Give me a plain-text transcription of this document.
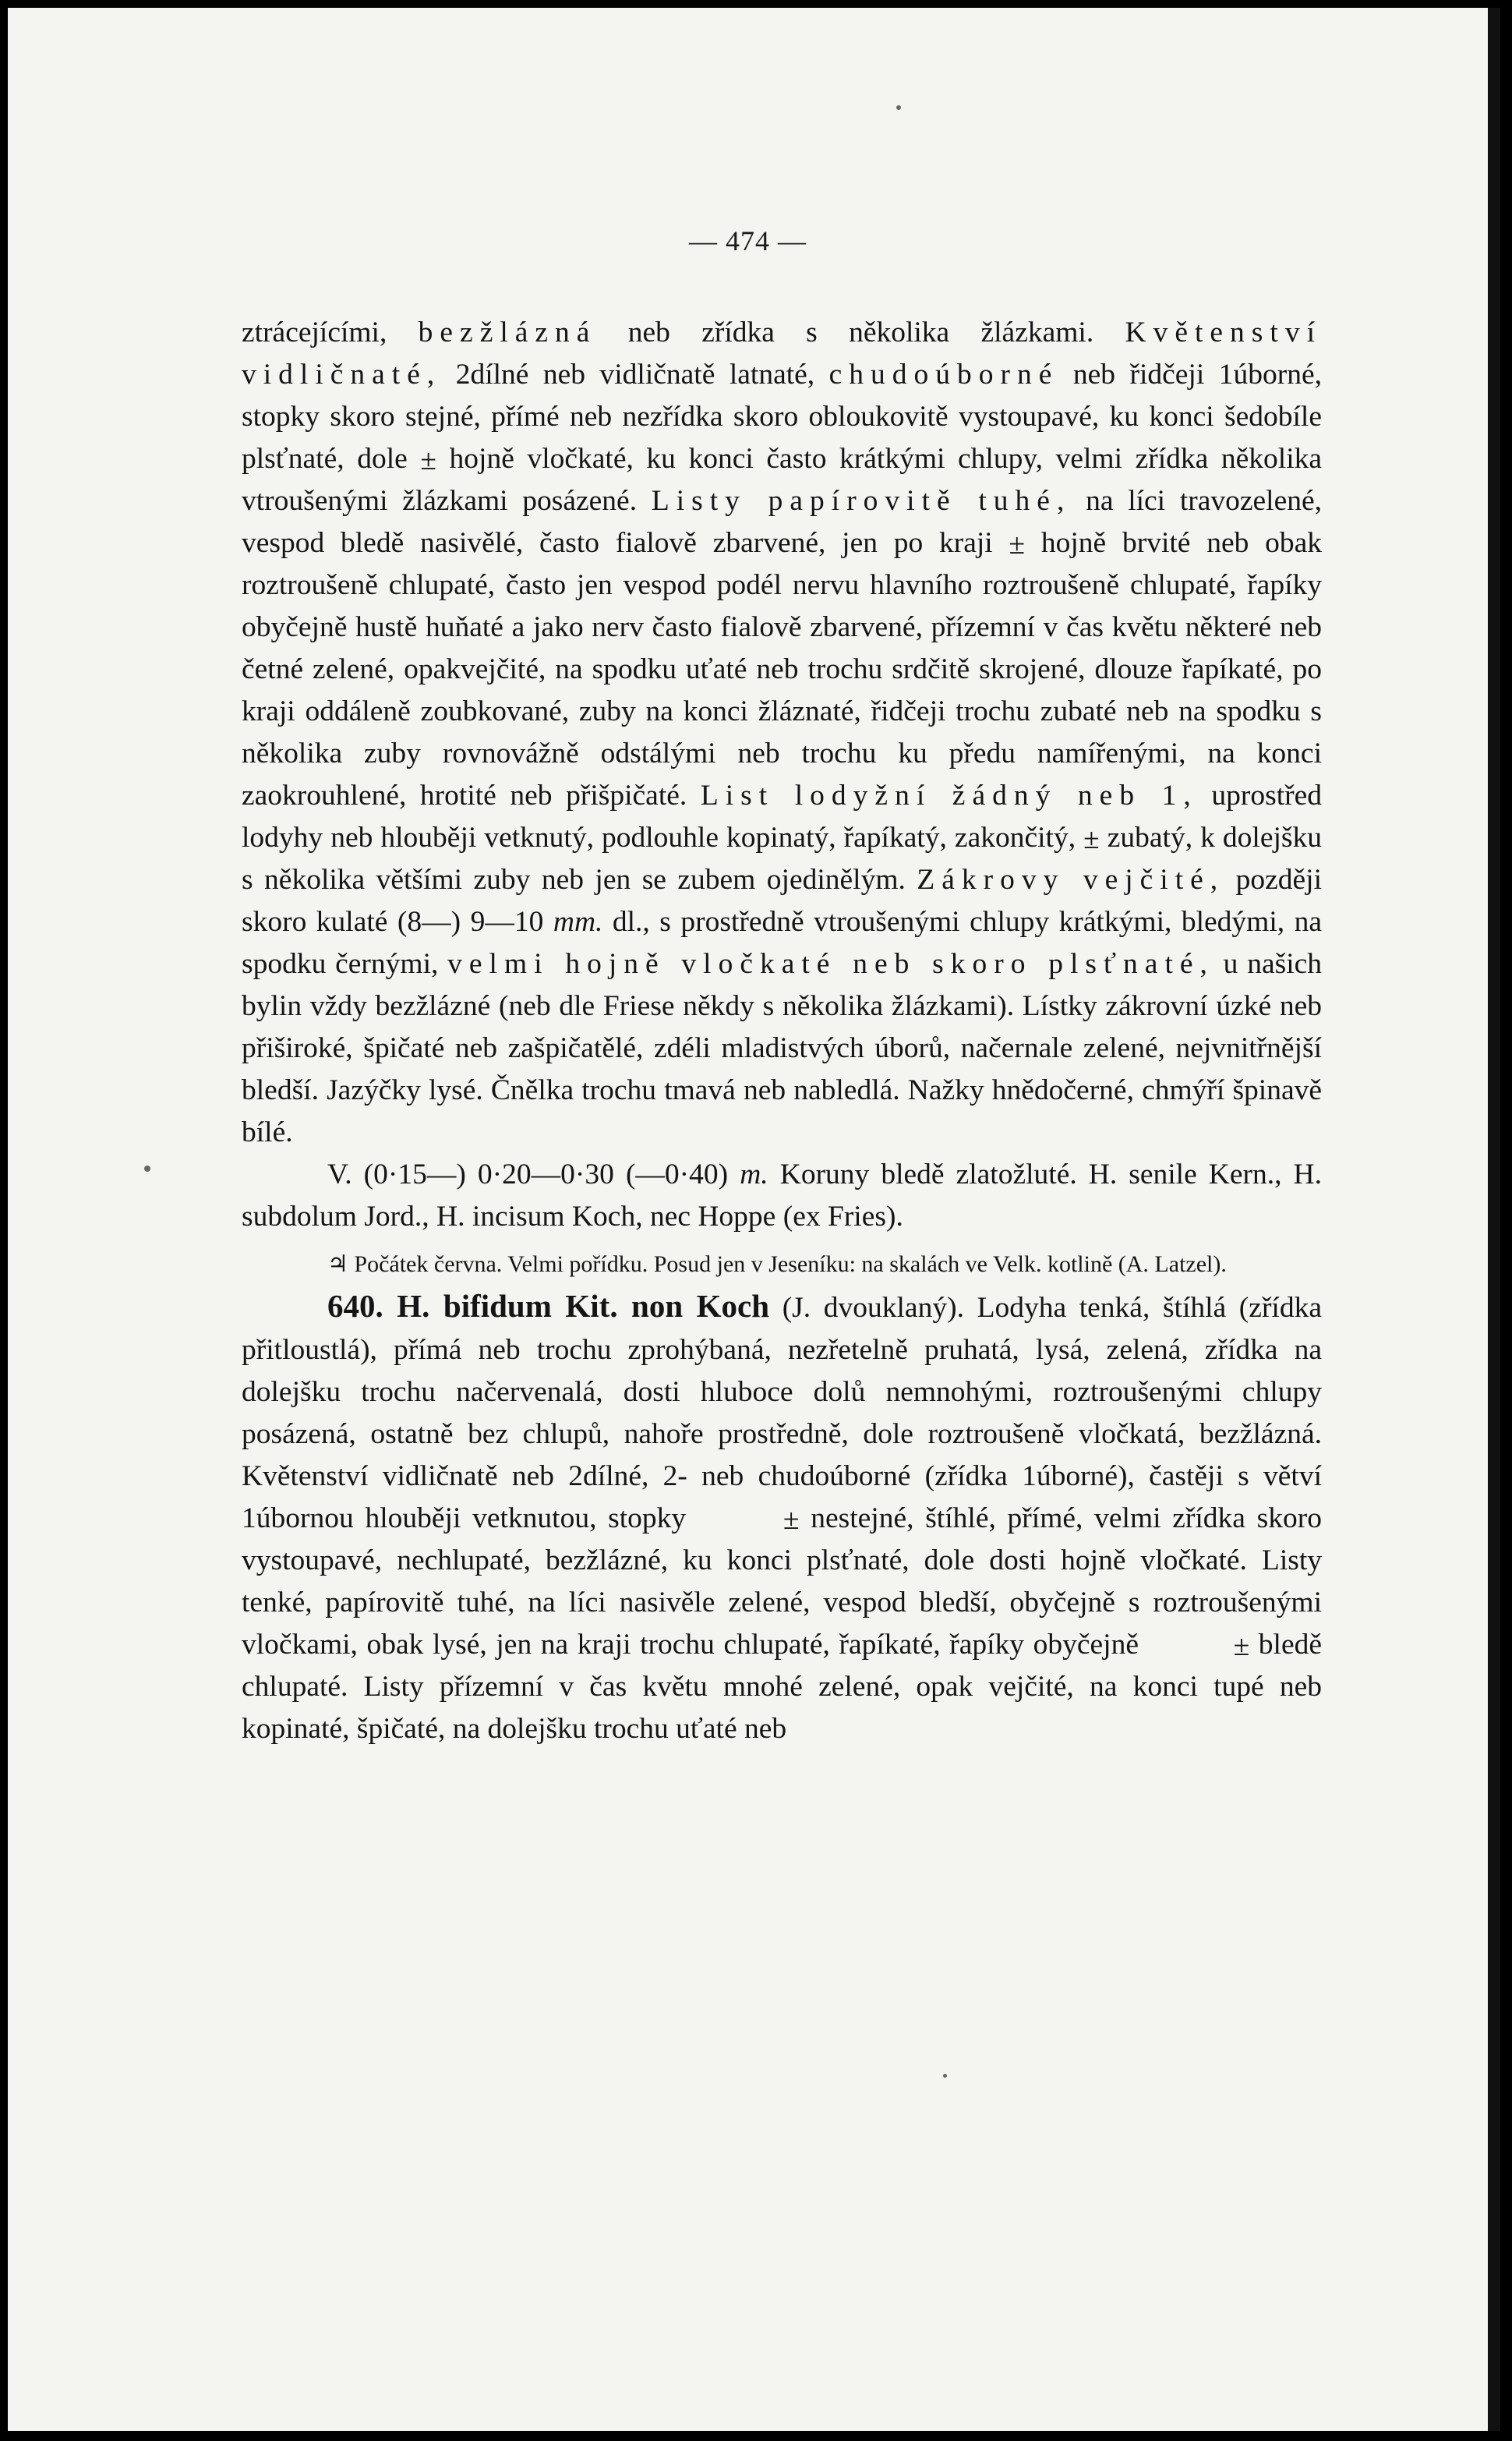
— 474 —

ztrácejícími, bezžlázná neb zřídka s několika žlázkami. Květenství vidličnaté, 2dílné neb vidličnatě latnaté, chudoúborné neb řidčeji 1úborné, stopky skoro stejné, přímé neb nezřídka skoro obloukovitě vystoupavé, ku konci šedobíle plsťnaté, dole ± hojně vločkaté, ku konci často krátkými chlupy, velmi zřídka několika vtroušenými žlázkami posázené. Listy papírovitě tuhé, na líci travozelené, vespod bledě nasivělé, často fialově zbarvené, jen po kraji ± hojně brvité neb obak roztroušeně chlupaté, často jen vespod podél nervu hlavního roztroušeně chlupaté, řapíky obyčejně hustě huňaté a jako nerv často fialově zbarvené, přízemní v čas květu některé neb četné zelené, opakvejčité, na spodku uťaté neb trochu srdčitě skrojené, dlouze řapíkaté, po kraji oddáleně zoubkované, zuby na konci žláznaté, řidčeji trochu zubaté neb na spodku s několika zuby rovnovážně odstálými neb trochu ku předu namířenými, na konci zaokrouhlené, hrotité neb přišpičaté. List lodyžní žádný neb 1, uprostřed lodyhy neb hlouběji vetknutý, podlouhle kopinatý, řapíkatý, zakončitý, ± zubatý, k dolejšku s několika většími zuby neb jen se zubem ojedinělým. Zákrovy vejčité, později skoro kulaté (8—) 9—10 mm. dl., s prostředně vtroušenými chlupy krátkými, bledými, na spodku černými, velmi hojně vločkaté neb skoro plsťnaté, u našich bylin vždy bezžlázné (neb dle Friese někdy s několika žlázkami). Lístky zákrovní úzké neb přiširoké, špičaté neb zašpičatělé, zdéli mladistvých úborů, načernale zelené, nejvnitřnější bledší. Jazýčky lysé. Čnělka trochu tmavá neb nabledlá. Nažky hnědočerné, chmýří špinavě bílé.

V. (0·15—) 0·20—0·30 (—0·40) m. Koruny bledě zlatožluté. H. senile Kern., H. subdolum Jord., H. incisum Koch, nec Hoppe (ex Fries).

♃ Počátek června. Velmi pořídku. Posud jen v Jeseníku: na skalách ve Velk. kotlině (A. Latzel).

640. H. bifidum Kit. non Koch (J. dvouklaný). Lodyha tenká, štíhlá (zřídka přitloustlá), přímá neb trochu zprohýbaná, nezřetelně pruhatá, lysá, zelená, zřídka na dolejšku trochu načervenalá, dosti hluboce dolů nemnohými, roztroušenými chlupy posázená, ostatně bez chlupů, nahoře prostředně, dole roztroušeně vločkatá, bezžlázná. Květenství vidličnatě neb 2dílné, 2- neb chudoúborné (zřídka 1úborné), častěji s větví 1úbornou hlouběji vetknutou, stopky	± nestejné, štíhlé, přímé, velmi zřídka skoro vystoupavé, nechlupaté, bezžlázné, ku konci plsťnaté, dole dosti hojně vločkaté. Listy tenké, papírovitě tuhé, na líci nasivěle zelené, vespod bledší, obyčejně s roztroušenými vločkami, obak lysé, jen na kraji trochu chlupaté, řapíkaté, řapíky obyčejně	± bledě chlupaté. Listy přízemní v čas květu mnohé zelené, opak vejčité, na konci tupé neb kopinaté, špičaté, na dolejšku trochu uťaté neb
